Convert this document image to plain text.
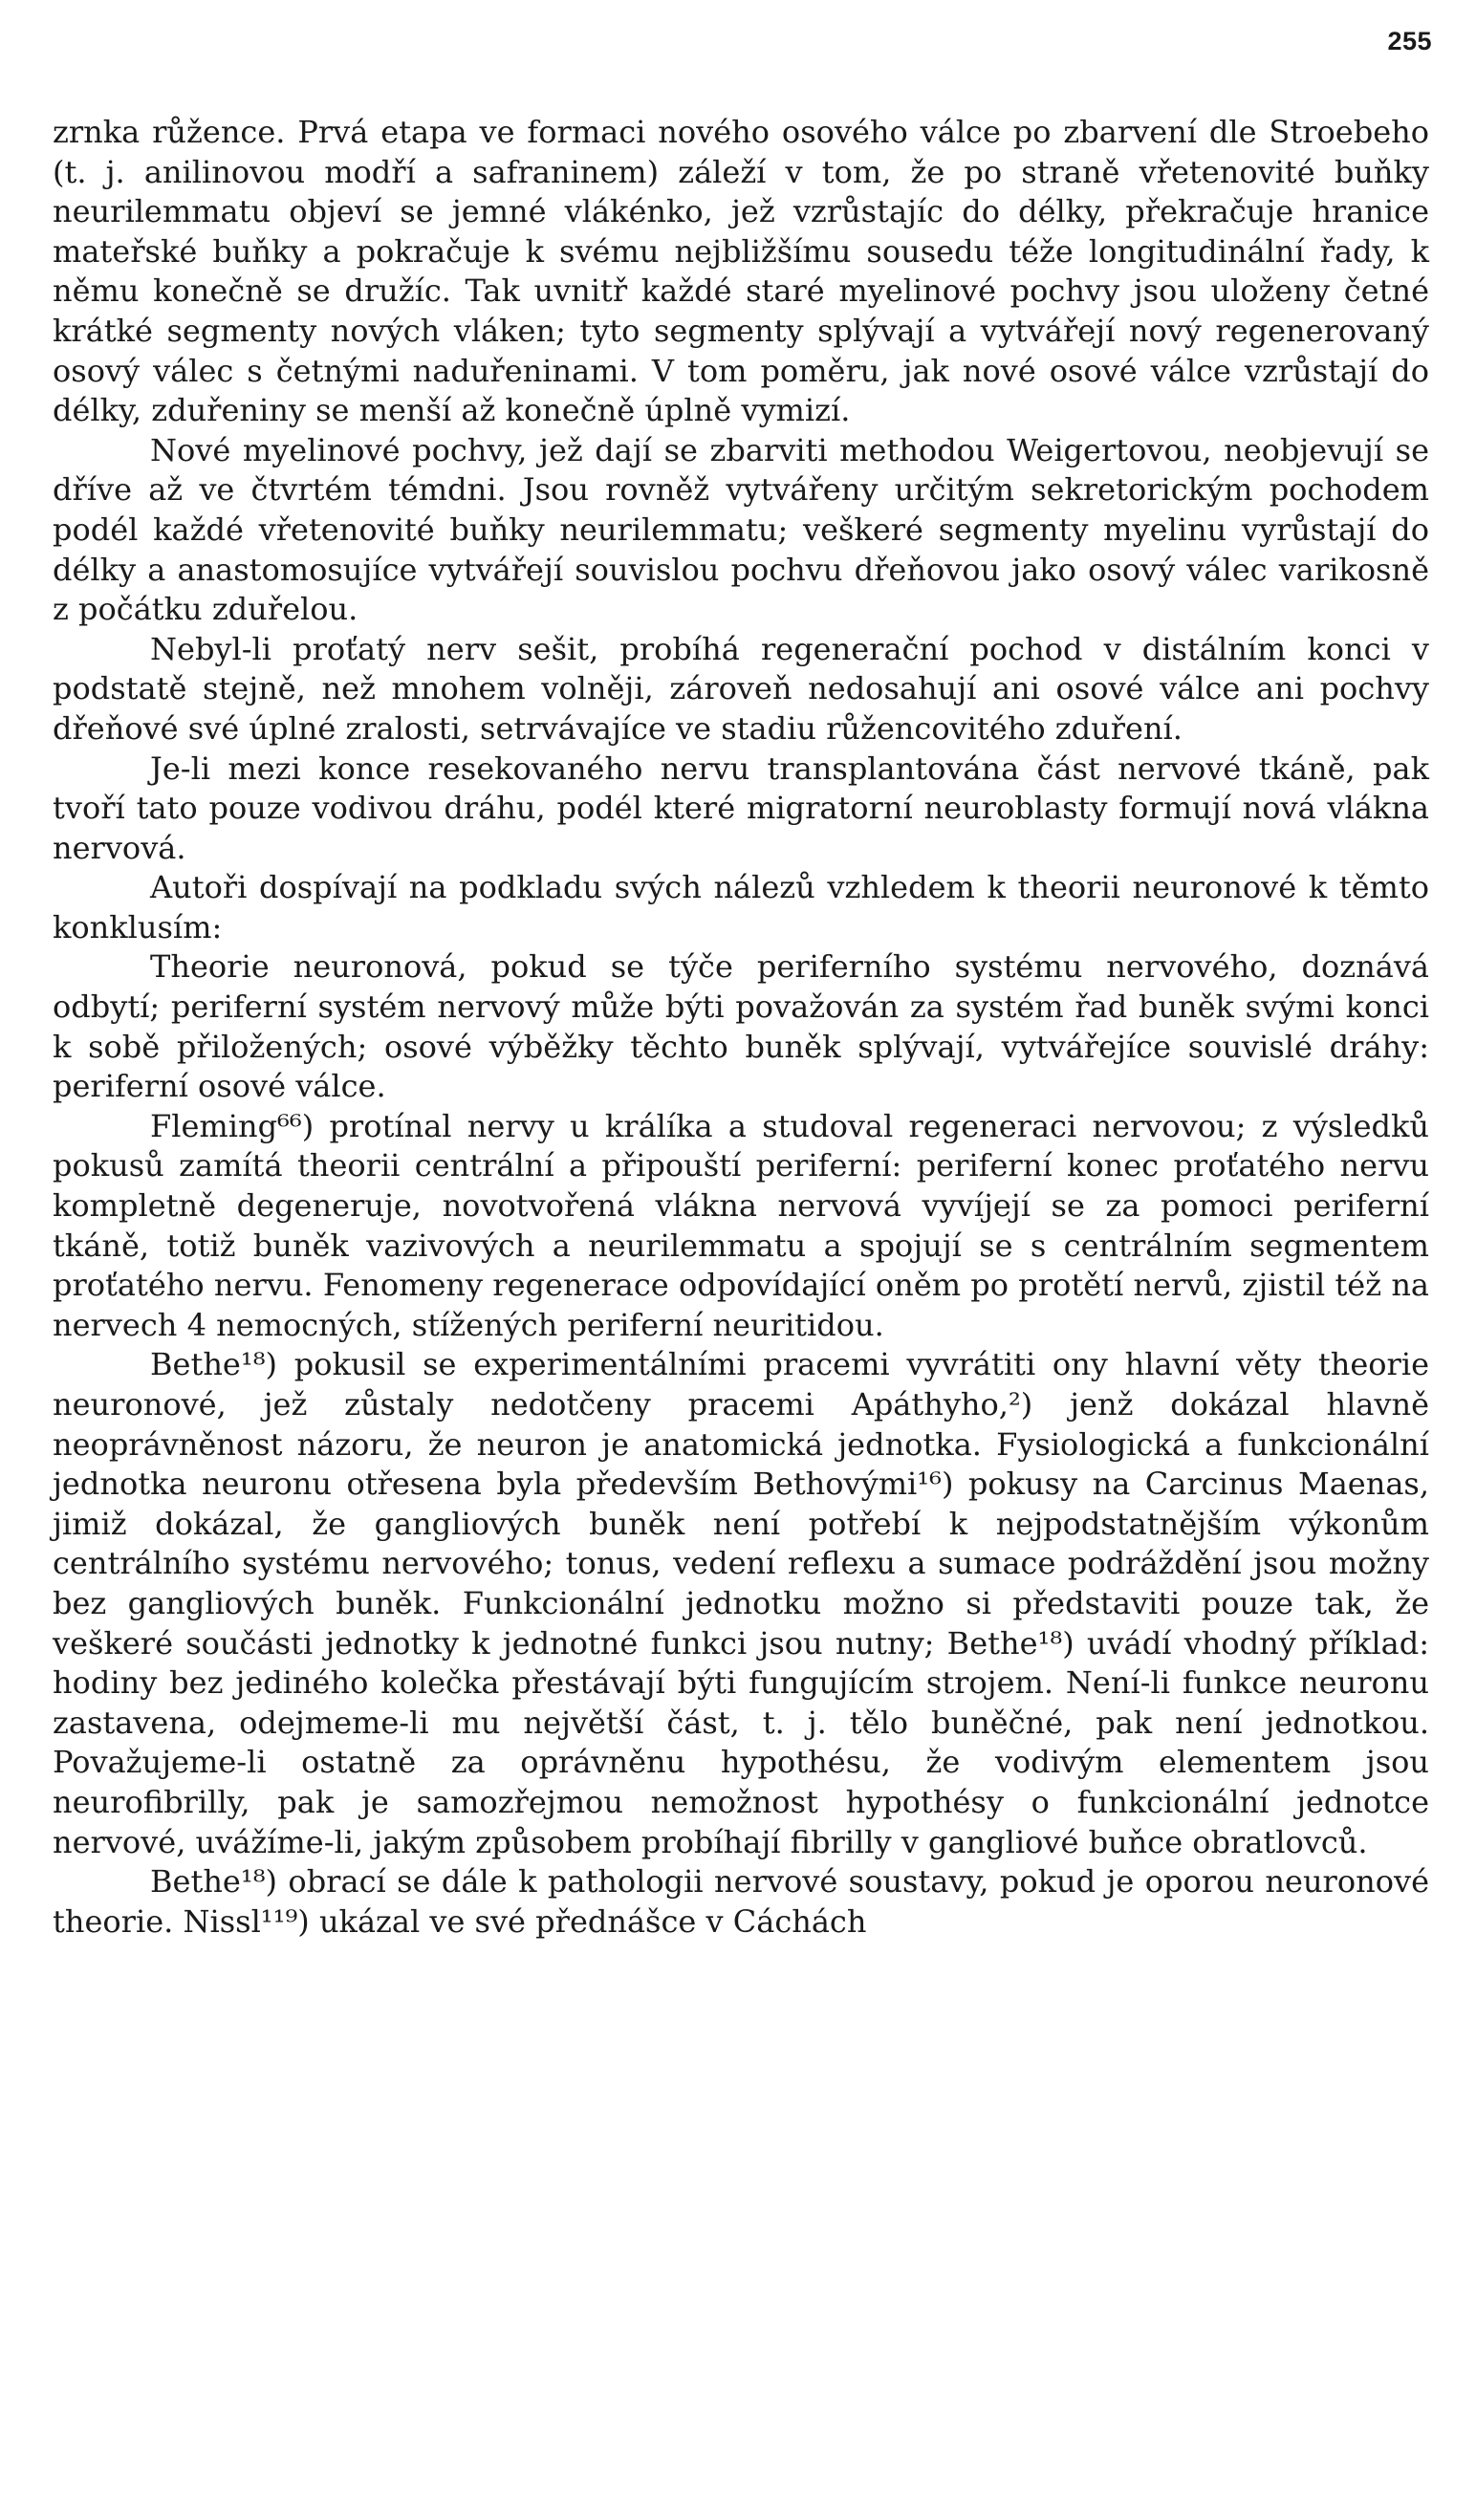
255

zrnka růžence. Prvá etapa ve formaci nového osového válce po zbarvení dle Stroebeho (t. j. anilinovou modří a safraninem) záleží v tom, že po straně vřetenovité buňky neurilemmatu objeví se jemné vlákénko, jež vzrůstajíc do délky, překračuje hranice mateřské buňky a pokračuje k svému nejbližšímu sousedu téže longitudinální řady, k němu konečně se družíc. Tak uvnitř každé staré myelinové pochvy jsou uloženy četné krátké segmenty nových vláken; tyto segmenty splývají a vytvářejí nový regenerovaný osový válec s četnými naduřeninami. V tom poměru, jak nové osové válce vzrůstají do délky, zduřeniny se menší až konečně úplně vymizí.

Nové myelinové pochvy, jež dají se zbarviti methodou Weigertovou, neobjevují se dříve až ve čtvrtém témdni. Jsou rovněž vytvářeny určitým sekretorickým pochodem podél každé vřetenovité buňky neurilemmatu; veškeré segmenty myelinu vyrůstají do délky a anastomosujíce vytvářejí souvislou pochvu dřeňovou jako osový válec varikosně z počátku zduřelou.

Nebyl-li proťatý nerv sešit, probíhá regenerační pochod v distálním konci v podstatě stejně, než mnohem volněji, zároveň nedosahují ani osové válce ani pochvy dřeňové své úplné zralosti, setrvávajíce ve stadiu růžencovitého zduření.

Je-li mezi konce resekovaného nervu transplantována část nervové tkáně, pak tvoří tato pouze vodivou dráhu, podél které migratorní neuroblasty formují nová vlákna nervová.

Autoři dospívají na podkladu svých nálezů vzhledem k theorii neuronové k těmto konklusím:

Theorie neuronová, pokud se týče periferního systému nervového, doznává odbytí; periferní systém nervový může býti považován za systém řad buněk svými konci k sobě přiložených; osové výběžky těchto buněk splývají, vytvářejíce souvislé dráhy: periferní osové válce.

Fleming⁶⁶) protínal nervy u králíka a studoval regeneraci nervovou; z výsledků pokusů zamítá theorii centrální a připouští periferní: periferní konec proťatého nervu kompletně degeneruje, novotvořená vlákna nervová vyvíjejí se za pomoci periferní tkáně, totiž buněk vazivových a neurilemmatu a spojují se s centrálním segmentem proťatého nervu. Fenomeny regenerace odpovídající oněm po protětí nervů, zjistil též na nervech 4 nemocných, stížených periferní neuritidou.

Bethe¹⁸) pokusil se experimentálními pracemi vyvrátiti ony hlavní věty theorie neuronové, jež zůstaly nedotčeny pracemi Apáthyho,²) jenž dokázal hlavně neoprávněnost názoru, že neuron je anatomická jednotka. Fysiologická a funkcionální jednotka neuronu otřesena byla především Bethovými¹⁶) pokusy na Carcinus Maenas, jimiž dokázal, že gangliových buněk není potřebí k nejpodstatnějším výkonům centrálního systému nervového; tonus, vedení reflexu a sumace podráždění jsou možny bez gangliových buněk. Funkcionální jednotku možno si představiti pouze tak, že veškeré součásti jednotky k jednotné funkci jsou nutny; Bethe¹⁸) uvádí vhodný příklad: hodiny bez jediného kolečka přestávají býti fungujícím strojem. Není-li funkce neuronu zastavena, odejmeme-li mu největší část, t. j. tělo buněčné, pak není jednotkou. Považujeme-li ostatně za oprávněnu hypothésu, že vodivým elementem jsou neurofibrilly, pak je samozřejmou nemožnost hypothésy o funkcionální jednotce nervové, uvážíme-li, jakým způsobem probíhají fibrilly v gangliové buňce obratlovců.

Bethe¹⁸) obrací se dále k pathologii nervové soustavy, pokud je oporou neuronové theorie. Nissl¹¹⁹) ukázal ve své přednášce v Cáchách
